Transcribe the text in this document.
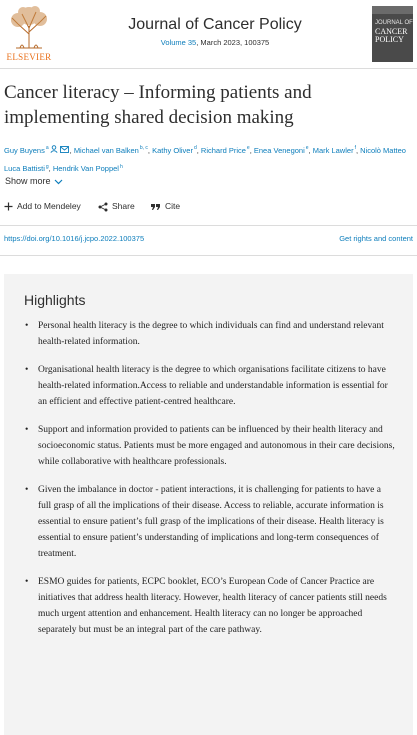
ELSEVIER
Journal of Cancer Policy
Volume 35, March 2023, 100375
JOURNAL OF
CANCER
POLICY
Cancer literacy – Informing patients and implementing shared decision making
Guy Buyens$^a$	, Michael van Balken$^{b, c}$, Kathy Oliver$^d$, Richard Price$^e$, Enea Venegoni$^e$, Mark Lawler$^f$, Nicolò Matteo Luca Battisti$^g$, Hendrik Van Poppel$^h$
Show more
Add to Mendeley	Share	Cite
https://doi.org/10.1016/j.jcpo.2022.100375	Get rights and content
Highlights
• Personal health literacy is the degree to which individuals can find and understand relevant health-related information.
• Organisational health literacy is the degree to which organisations facilitate citizens to have health-related information.Access to reliable and understandable information is essential for an efficient and effective patient-centred healthcare.
• Support and information provided to patients can be influenced by their health literacy and socioeconomic status. Patients must be more engaged and autonomous in their care decisions, while collaborative with healthcare professionals.
• Given the imbalance in doctor - patient interactions, it is challenging for patients to have a full grasp of all the implications of their disease. Access to reliable, accurate information is essential to ensure patient’s full grasp of the implications of their disease. Health literacy is essential to ensure patient’s understanding of implications and long-term consequences of treatment.
• ESMO guides for patients, ECPC booklet, ECO’s European Code of Cancer Practice are initiatives that address health literacy. However, health literacy of cancer patients still needs much urgent attention and enhancement. Health literacy can no longer be approached separately but must be an integral part of the care pathway.
